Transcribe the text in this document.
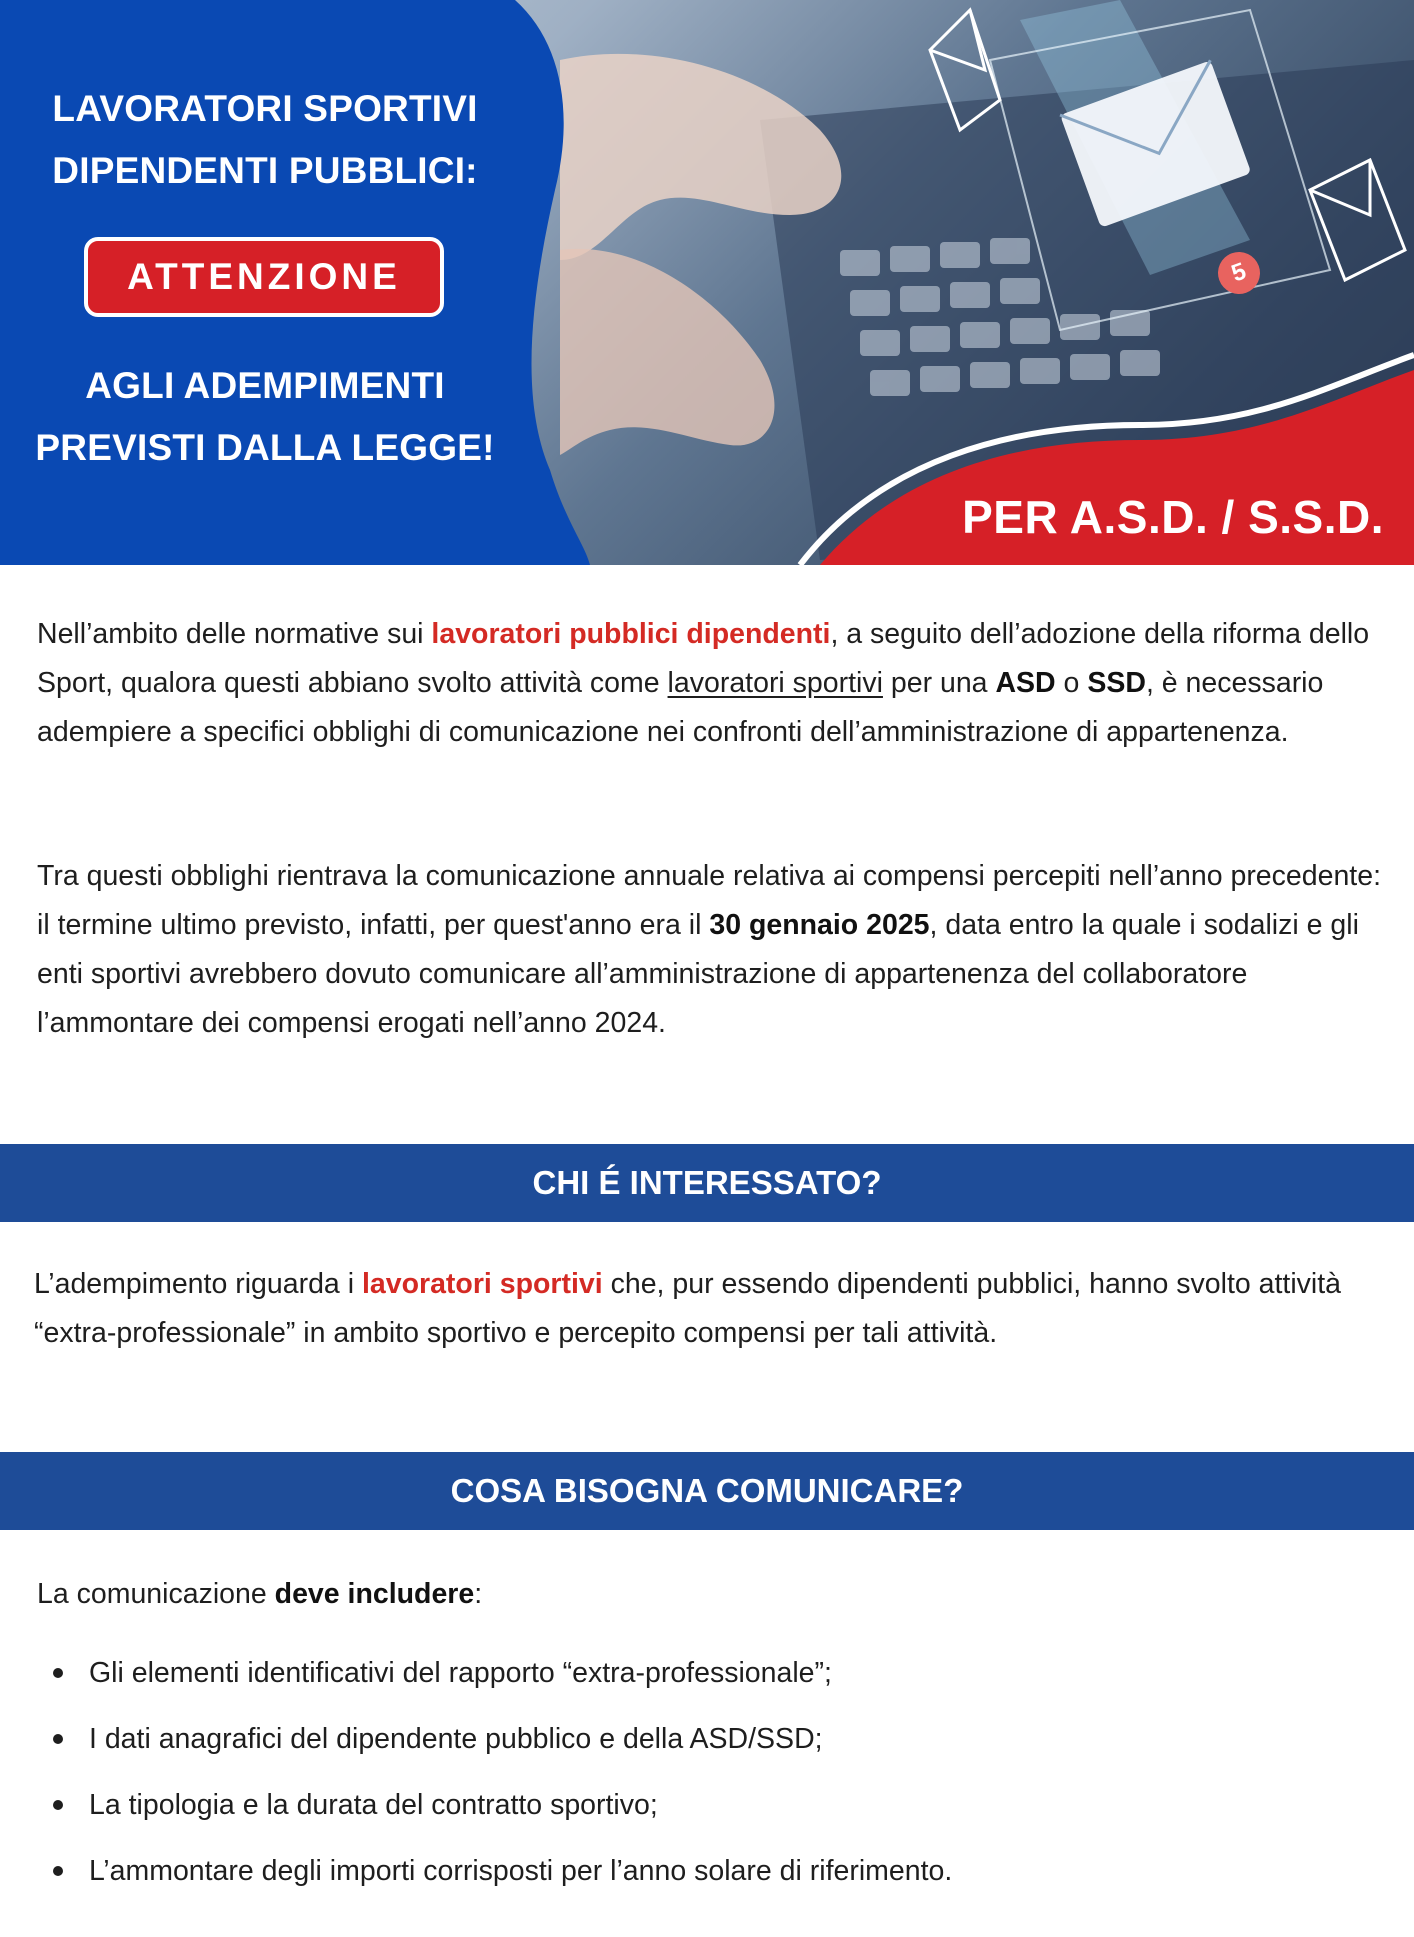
5
LAVORATORI SPORTIVI
DIPENDENTI PUBBLICI:
ATTENZIONE
AGLI ADEMPIMENTI
PREVISTI DALLA LEGGE!
PER A.S.D. / S.S.D.

Nell’ambito delle normative sui lavoratori pubblici dipendenti, a seguito dell’adozione della riforma dello Sport, qualora questi abbiano svolto attività come lavoratori sportivi per una ASD o SSD, è necessario adempiere a specifici obblighi di comunicazione nei confronti dell’amministrazione di appartenenza.

Tra questi obblighi rientrava la comunicazione annuale relativa ai compensi percepiti nell’anno precedente: il termine ultimo previsto, infatti, per quest'anno era il 30 gennaio 2025, data entro la quale i sodalizi e gli enti sportivi avrebbero dovuto comunicare all’amministrazione di appartenenza del collaboratore l’ammontare dei compensi erogati nell’anno 2024.

CHI É INTERESSATO?

L’adempimento riguarda i lavoratori sportivi che, pur essendo dipendenti pubblici, hanno svolto attività “extra-professionale” in ambito sportivo e percepito compensi per tali attività.

COSA BISOGNA COMUNICARE?

La comunicazione deve includere:

Gli elementi identificativi del rapporto “extra-professionale”;
I dati anagrafici del dipendente pubblico e della ASD/SSD;
La tipologia e la durata del contratto sportivo;
L’ammontare degli importi corrisposti per l’anno solare di riferimento.
